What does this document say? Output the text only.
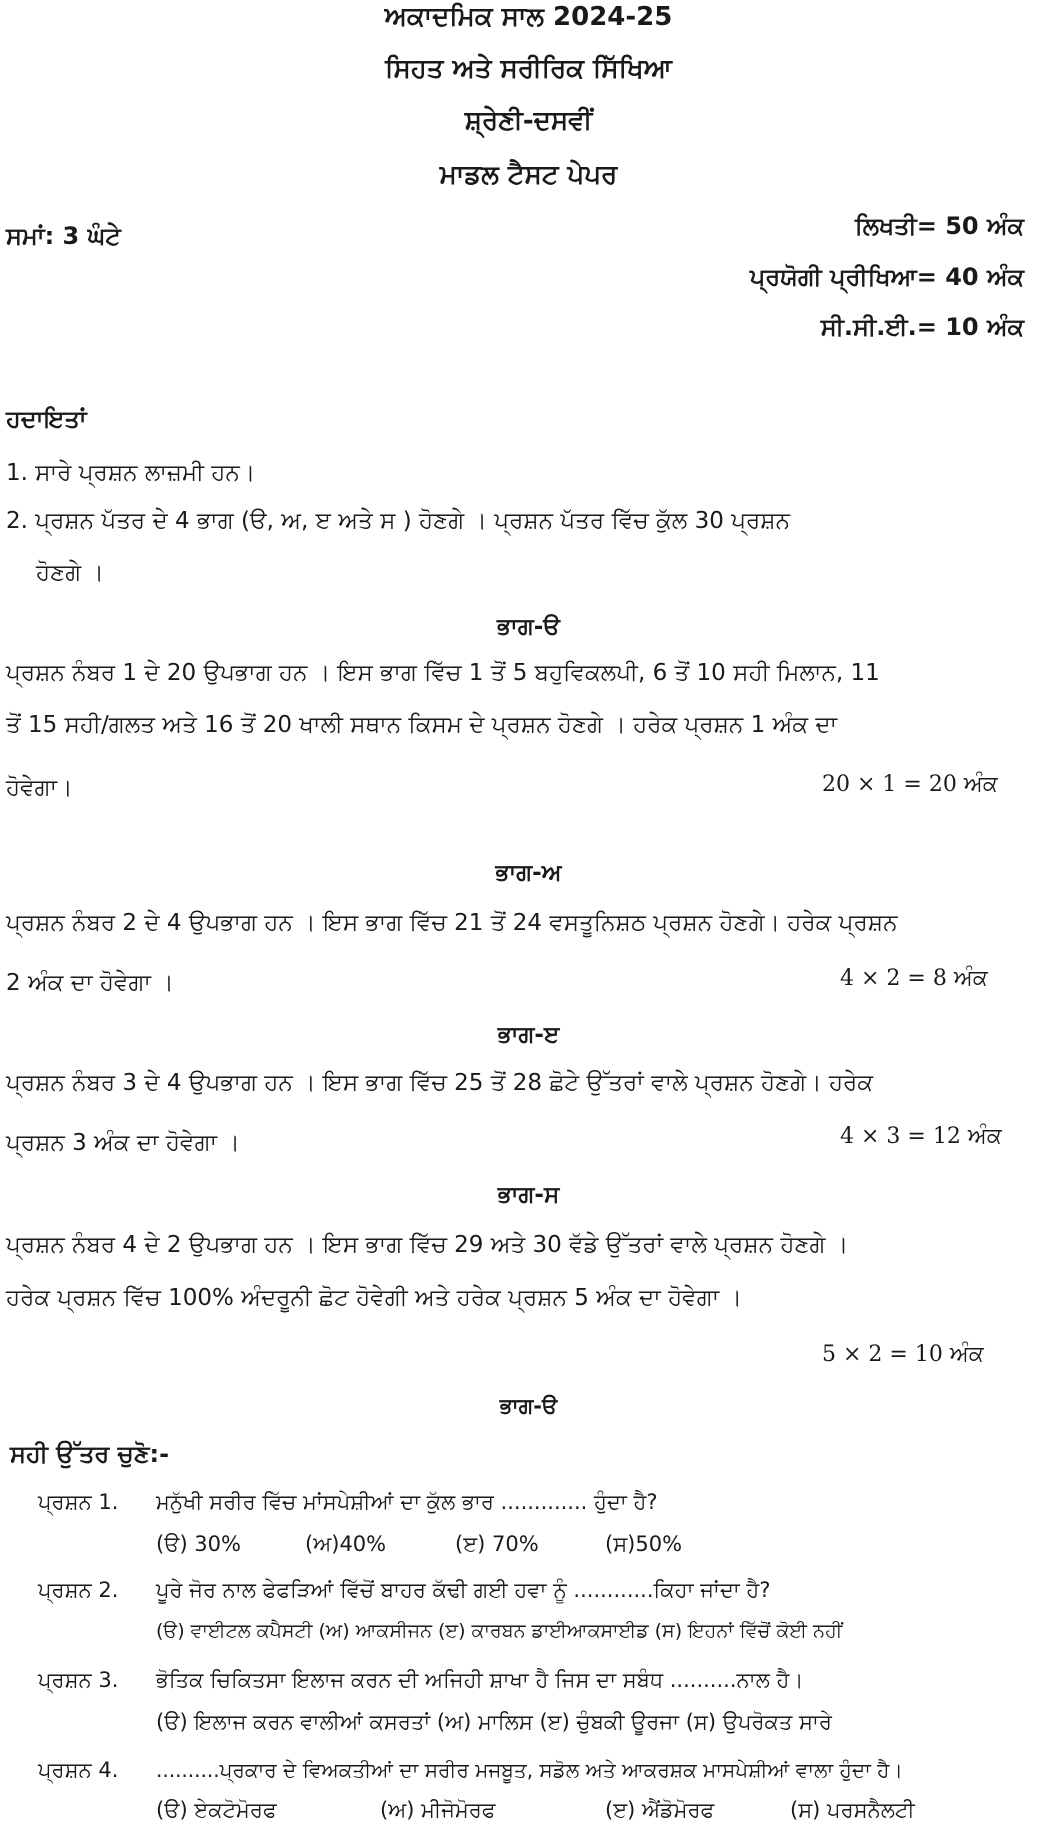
ਅਕਾਦਮਿਕ ਸਾਲ 2024-25
ਸਿਹਤ ਅਤੇ ਸਰੀਰਿਕ ਸਿੱਖਿਆ
ਸ਼੍ਰੇਣੀ-ਦਸਵੀਂ
ਮਾਡਲ ਟੈਸਟ ਪੇਪਰ
ਸਮਾਂ: 3 ਘੰਟੇ	ਲਿਖਤੀ= 50 ਅੰਕ
ਪ੍ਰਯੋਗੀ ਪ੍ਰੀਖਿਆ= 40 ਅੰਕ
ਸੀ.ਸੀ.ਈ.= 10 ਅੰਕ
ਹਦਾਇਤਾਂ
1. ਸਾਰੇ ਪ੍ਰਸ਼ਨ ਲਾਜ਼ਮੀ ਹਨ।
2. ਪ੍ਰਸ਼ਨ ਪੱਤਰ ਦੇ 4 ਭਾਗ (ੳ, ਅ, ੲ ਅਤੇ ਸ ) ਹੋਣਗੇ । ਪ੍ਰਸ਼ਨ ਪੱਤਰ ਵਿੱਚ ਕੁੱਲ 30 ਪ੍ਰਸ਼ਨ
ਹੋਣਗੇ ।
ਭਾਗ-ੳ
ਪ੍ਰਸ਼ਨ ਨੰਬਰ 1 ਦੇ 20 ਉਪਭਾਗ ਹਨ । ਇਸ ਭਾਗ ਵਿੱਚ 1 ਤੋਂ 5 ਬਹੁਵਿਕਲਪੀ, 6 ਤੋਂ 10 ਸਹੀ ਮਿਲਾਨ, 11
ਤੋਂ 15 ਸਹੀ/ਗਲਤ ਅਤੇ 16 ਤੋਂ 20 ਖਾਲੀ ਸਥਾਨ ਕਿਸਮ ਦੇ ਪ੍ਰਸ਼ਨ ਹੋਣਗੇ । ਹਰੇਕ ਪ੍ਰਸ਼ਨ 1 ਅੰਕ ਦਾ
ਹੋਵੇਗਾ।	20 × 1 = 20 ਅੰਕ
ਭਾਗ-ਅ
ਪ੍ਰਸ਼ਨ ਨੰਬਰ 2 ਦੇ 4 ਉਪਭਾਗ ਹਨ । ਇਸ ਭਾਗ ਵਿੱਚ 21 ਤੋਂ 24 ਵਸਤੂਨਿਸ਼ਠ ਪ੍ਰਸ਼ਨ ਹੋਣਗੇ। ਹਰੇਕ ਪ੍ਰਸ਼ਨ
2 ਅੰਕ ਦਾ ਹੋਵੇਗਾ ।	4 × 2 = 8 ਅੰਕ
ਭਾਗ-ੲ
ਪ੍ਰਸ਼ਨ ਨੰਬਰ 3 ਦੇ 4 ਉਪਭਾਗ ਹਨ । ਇਸ ਭਾਗ ਵਿੱਚ 25 ਤੋਂ 28 ਛੋਟੇ ਉੱਤਰਾਂ ਵਾਲੇ ਪ੍ਰਸ਼ਨ ਹੋਣਗੇ। ਹਰੇਕ
ਪ੍ਰਸ਼ਨ 3 ਅੰਕ ਦਾ ਹੋਵੇਗਾ ।	4 × 3 = 12 ਅੰਕ
ਭਾਗ-ਸ
ਪ੍ਰਸ਼ਨ ਨੰਬਰ 4 ਦੇ 2 ਉਪਭਾਗ ਹਨ । ਇਸ ਭਾਗ ਵਿੱਚ 29 ਅਤੇ 30 ਵੱਡੇ ਉੱਤਰਾਂ ਵਾਲੇ ਪ੍ਰਸ਼ਨ ਹੋਣਗੇ ।
ਹਰੇਕ ਪ੍ਰਸ਼ਨ ਵਿੱਚ 100% ਅੰਦਰੂਨੀ ਛੋਟ ਹੋਵੇਗੀ ਅਤੇ ਹਰੇਕ ਪ੍ਰਸ਼ਨ 5 ਅੰਕ ਦਾ ਹੋਵੇਗਾ ।
5 × 2 = 10 ਅੰਕ
ਭਾਗ-ੳ
ਸਹੀ ਉੱਤਰ ਚੁਣੋ:-
ਪ੍ਰਸ਼ਨ 1. ਮਨੁੱਖੀ ਸਰੀਰ ਵਿੱਚ ਮਾਂਸਪੇਸ਼ੀਆਂ ਦਾ ਕੁੱਲ ਭਾਰ ............. ਹੁੰਦਾ ਹੈ?
(ੳ) 30%	(ਅ)40%	(ੲ) 70%	(ਸ)50%
ਪ੍ਰਸ਼ਨ 2. ਪੂਰੇ ਜੋਰ ਨਾਲ ਫੇਫੜਿਆਂ ਵਿੱਚੋਂ ਬਾਹਰ ਕੱਢੀ ਗਈ ਹਵਾ ਨੂੰ ............ਕਿਹਾ ਜਾਂਦਾ ਹੈ?
(ੳ) ਵਾਈਟਲ ਕਪੈਸਟੀ (ਅ) ਆਕਸੀਜਨ (ੲ) ਕਾਰਬਨ ਡਾਈਆਕਸਾਈਡ (ਸ) ਇਹਨਾਂ ਵਿੱਚੋਂ ਕੋਈ ਨਹੀਂ
ਪ੍ਰਸ਼ਨ 3. ਭੋਤਿਕ ਚਿਕਿਤਸਾ ਇਲਾਜ ਕਰਨ ਦੀ ਅਜਿਹੀ ਸ਼ਾਖਾ ਹੈ ਜਿਸ ਦਾ ਸਬੰਧ ..........ਨਾਲ ਹੈ।
(ੳ) ਇਲਾਜ ਕਰਨ ਵਾਲੀਆਂ ਕਸਰਤਾਂ (ਅ) ਮਾਲਿਸ (ੲ) ਚੁੰਬਕੀ ਊਰਜਾ (ਸ) ਉਪਰੋਕਤ ਸਾਰੇ
ਪ੍ਰਸ਼ਨ 4. ..........ਪ੍ਰਕਾਰ ਦੇ ਵਿਅਕਤੀਆਂ ਦਾ ਸਰੀਰ ਮਜਬੂਤ, ਸਡੋਲ ਅਤੇ ਆਕਰਸ਼ਕ ਮਾਸਪੇਸ਼ੀਆਂ ਵਾਲਾ ਹੁੰਦਾ ਹੈ।
(ੳ) ਏਕਟੋਮੋਰਫ	(ਅ) ਮੀਜੋਮੋਰਫ	(ੲ) ਐਂਡੋਮੋਰਫ	(ਸ) ਪਰਸਨੈਲਟੀ
